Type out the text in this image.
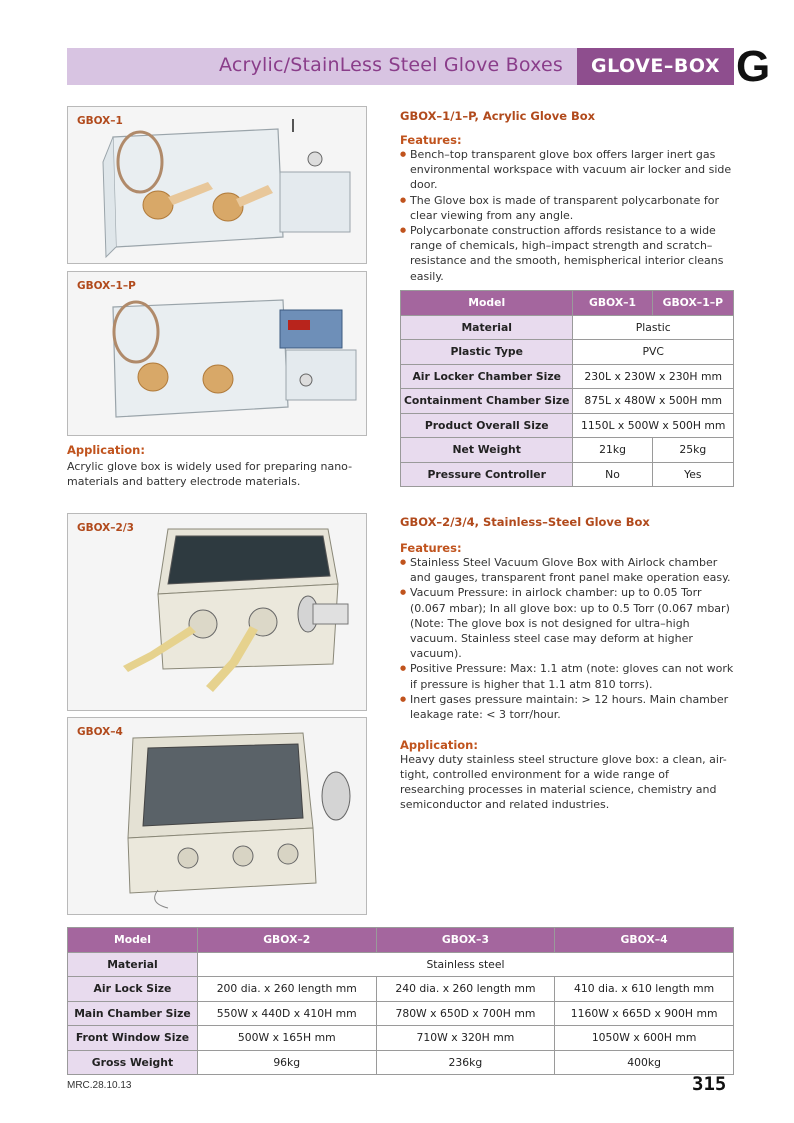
Acrylic/StainLess Steel Glove Boxes	GLOVE–BOX G
GBOX–1
GBOX–1–P
Application:
Acrylic glove box is widely used for preparing nano-materials and battery electrode materials.
GBOX–2/3
GBOX–4
GBOX–1/1–P, Acrylic Glove Box
Features:
● Bench–top transparent glove box offers larger inert gas environmental workspace with vacuum air locker and side door.
● The Glove box is made of transparent polycarbonate for clear viewing from any angle.
● Polycarbonate construction affords resistance to a wide range of chemicals, high–impact strength and scratch–resistance and the smooth, hemispherical interior cleans easily.
Model	GBOX–1	GBOX–1–P
Material	Plastic	
Plastic Type	PVC	
Air Locker Chamber Size	230L x 230W x 230H mm	
Containment Chamber Size	875L x 480W x 500H mm	
Product Overall Size	1150L x 500W x 500H mm	
Net Weight	21kg	25kg
Pressure Controller	No	Yes
GBOX–2/3/4, Stainless–Steel Glove Box
Features:
● Stainless Steel Vacuum Glove Box with Airlock chamber and gauges, transparent front panel make operation easy.
● Vacuum Pressure: in airlock chamber: up to 0.05 Torr (0.067 mbar); In all glove box: up to 0.5 Torr (0.067 mbar) (Note: The glove box is not designed for ultra–high vacuum. Stainless steel case may deform at higher vacuum).
● Positive Pressure: Max: 1.1 atm (note: gloves can not work if pressure is higher that 1.1 atm 810 torrs).
● Inert gases pressure maintain: > 12 hours. Main chamber leakage rate: < 3 torr/hour.
Application:
Heavy duty stainless steel structure glove box: a clean, air-tight, controlled environment for a wide range of researching processes in material science, chemistry and semiconductor and related industries.
Model	GBOX–2	GBOX–3	GBOX–4
Material	Stainless steel		
Air Lock Size	200 dia. x 260 length mm	240 dia. x 260 length mm	410 dia. x 610 length mm
Main Chamber Size	550W x 440D x 410H mm	780W x 650D x 700H mm	1160W x 665D x 900H mm
Front Window Size	500W x 165H mm	710W x 320H mm	1050W x 600H mm
Gross Weight	96kg	236kg	400kg
MRC.28.10.13	315
